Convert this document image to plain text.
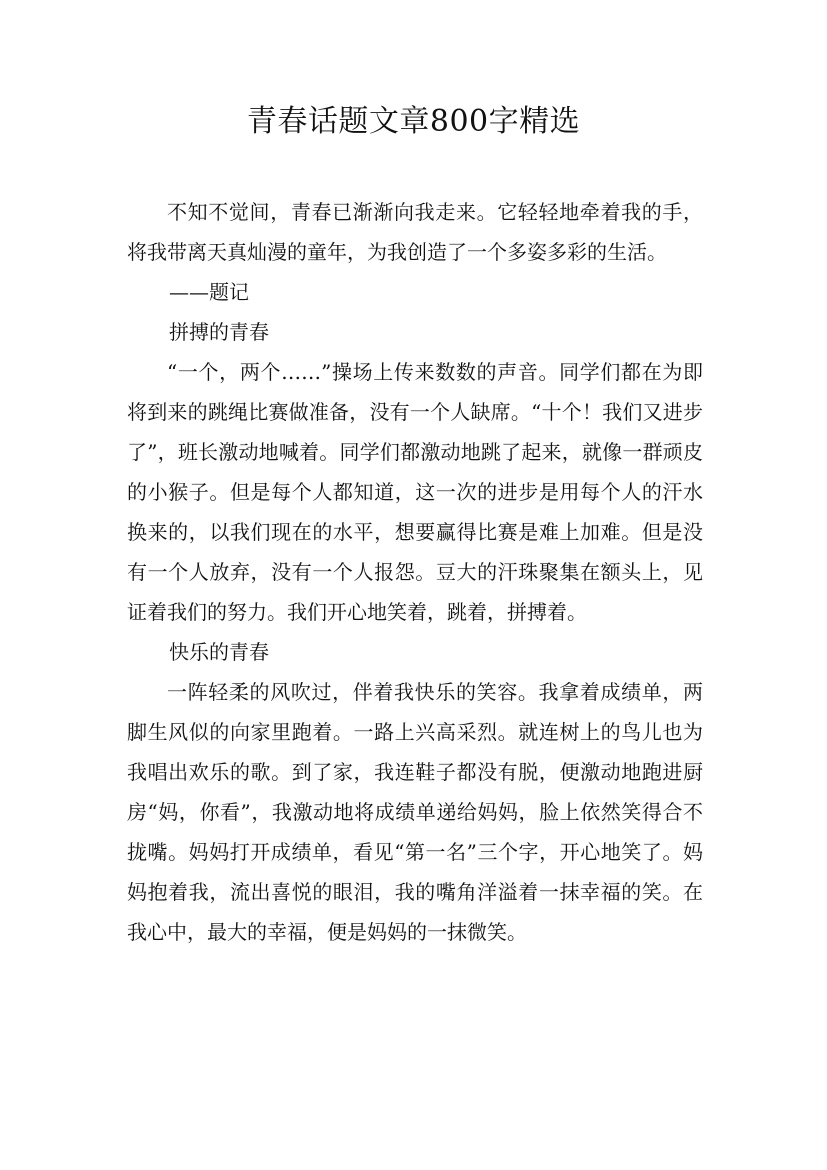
青春话题文章800字精选

不知不觉间，青春已渐渐向我走来。它轻轻地牵着我的手，将我带离天真灿漫的童年，为我创造了一个多姿多彩的生活。

——题记

拼搏的青春

“一个，两个……”操场上传来数数的声音。同学们都在为即将到来的跳绳比赛做准备，没有一个人缺席。“十个！我们又进步了”，班长激动地喊着。同学们都激动地跳了起来，就像一群顽皮的小猴子。但是每个人都知道，这一次的进步是用每个人的汗水换来的，以我们现在的水平，想要赢得比赛是难上加难。但是没有一个人放弃，没有一个人报怨。豆大的汗珠聚集在额头上，见证着我们的努力。我们开心地笑着，跳着，拼搏着。

快乐的青春

一阵轻柔的风吹过，伴着我快乐的笑容。我拿着成绩单，两脚生风似的向家里跑着。一路上兴高采烈。就连树上的鸟儿也为我唱出欢乐的歌。到了家，我连鞋子都没有脱，便激动地跑进厨房“妈，你看”，我激动地将成绩单递给妈妈，脸上依然笑得合不拢嘴。妈妈打开成绩单，看见“第一名”三个字，开心地笑了。妈妈抱着我，流出喜悦的眼泪，我的嘴角洋溢着一抹幸福的笑。在我心中，最大的幸福，便是妈妈的一抹微笑。
